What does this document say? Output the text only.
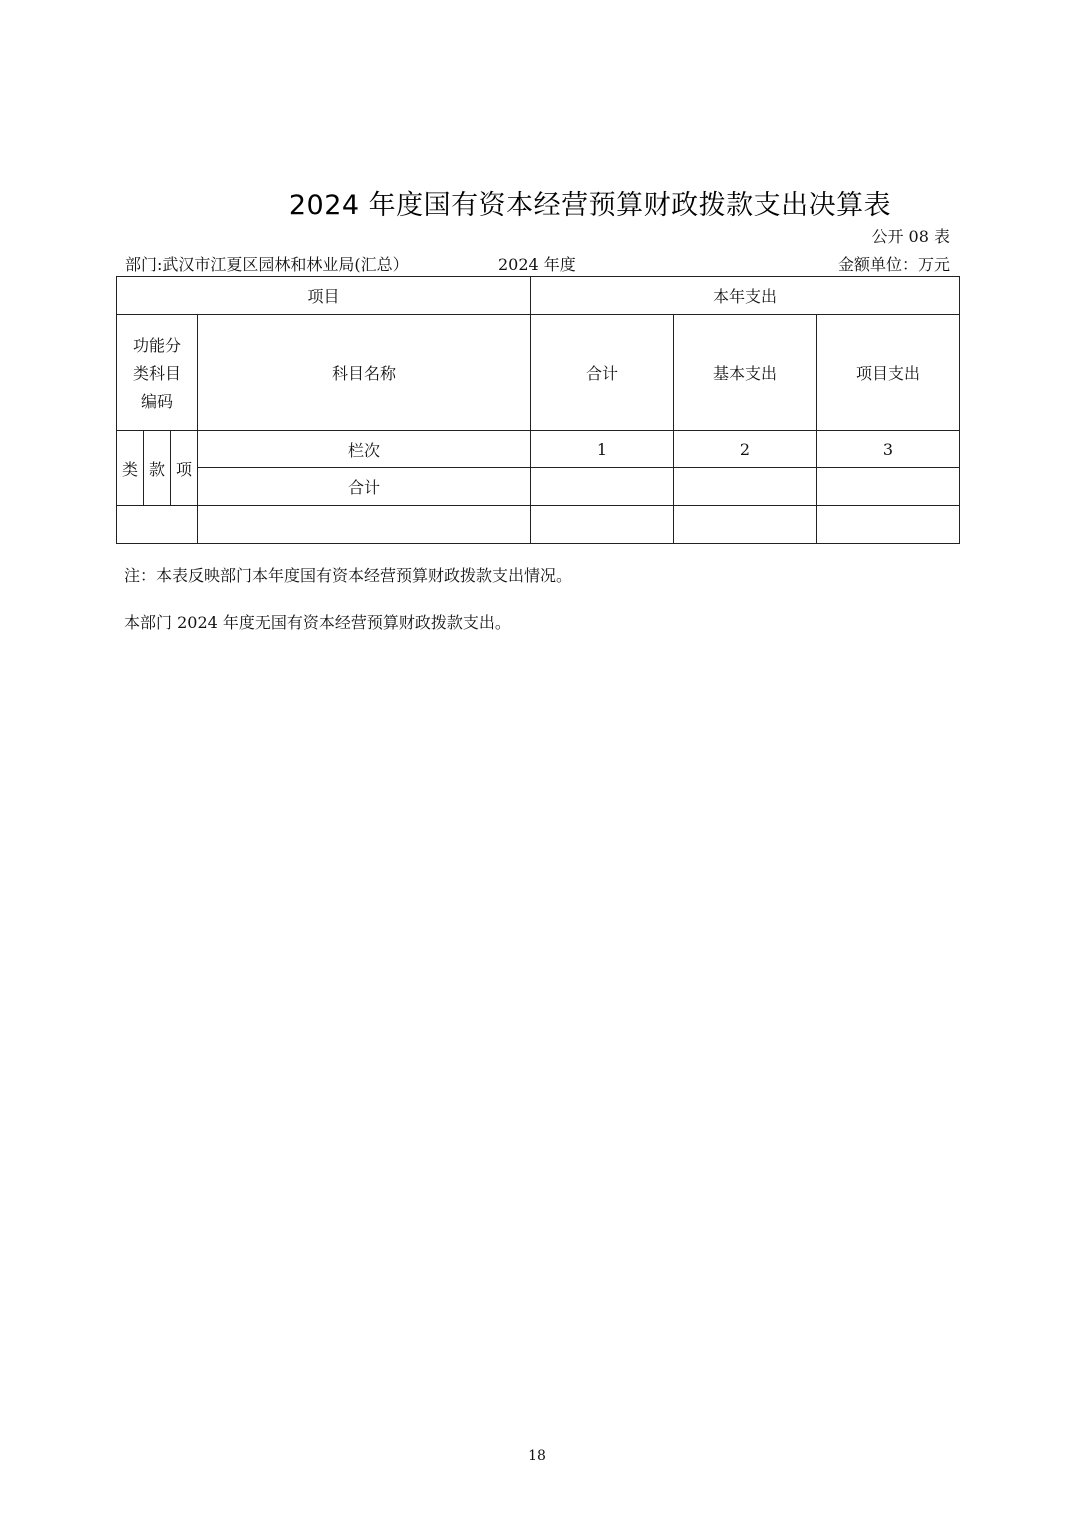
2024 年度国有资本经营预算财政拨款支出决算表
公开 08 表
部门:武汉市江夏区园林和林业局(汇总）	2024 年度	金额单位：万元
项目				本年支出		

功能分
类科目
编码			科目名称	合计	基本支出	项目支出
类	款	项	栏次	1	2	3
			合计			

注：本表反映部门本年度国有资本经营预算财政拨款支出情况。
本部门 2024 年度无国有资本经营预算财政拨款支出。
18
